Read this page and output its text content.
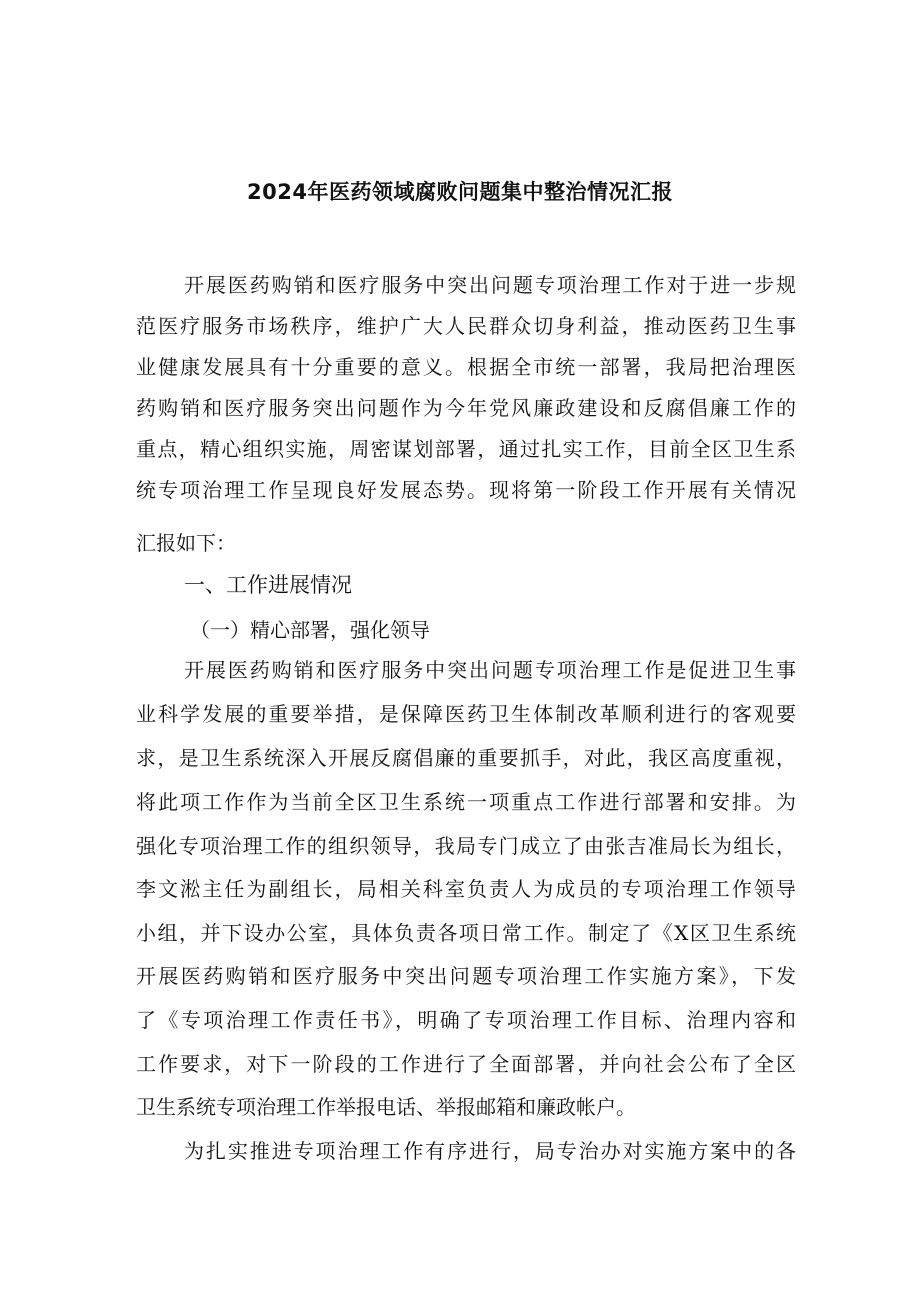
2024年医药领域腐败问题集中整治情况汇报
开展医药购销和医疗服务中突出问题专项治理工作对于进一步规
范医疗服务市场秩序，维护广大人民群众切身利益，推动医药卫生事
业健康发展具有十分重要的意义。根据全市统一部署，我局把治理医
药购销和医疗服务突出问题作为今年党风廉政建设和反腐倡廉工作的
重点，精心组织实施，周密谋划部署，通过扎实工作，目前全区卫生系
统专项治理工作呈现良好发展态势。现将第一阶段工作开展有关情况
汇报如下：
一、工作进展情况
（一）精心部署，强化领导
开展医药购销和医疗服务中突出问题专项治理工作是促进卫生事
业科学发展的重要举措，是保障医药卫生体制改革顺利进行的客观要
求，是卫生系统深入开展反腐倡廉的重要抓手，对此，我区高度重视，
将此项工作作为当前全区卫生系统一项重点工作进行部署和安排。为
强化专项治理工作的组织领导，我局专门成立了由张吉准局长为组长，
李文淞主任为副组长，局相关科室负责人为成员的专项治理工作领导
小组，并下设办公室，具体负责各项日常工作。制定了《X区卫生系统
开展医药购销和医疗服务中突出问题专项治理工作实施方案》，下发
了《专项治理工作责任书》，明确了专项治理工作目标、治理内容和
工作要求，对下一阶段的工作进行了全面部署，并向社会公布了全区
卫生系统专项治理工作举报电话、举报邮箱和廉政帐户。
为扎实推进专项治理工作有序进行，局专治办对实施方案中的各
